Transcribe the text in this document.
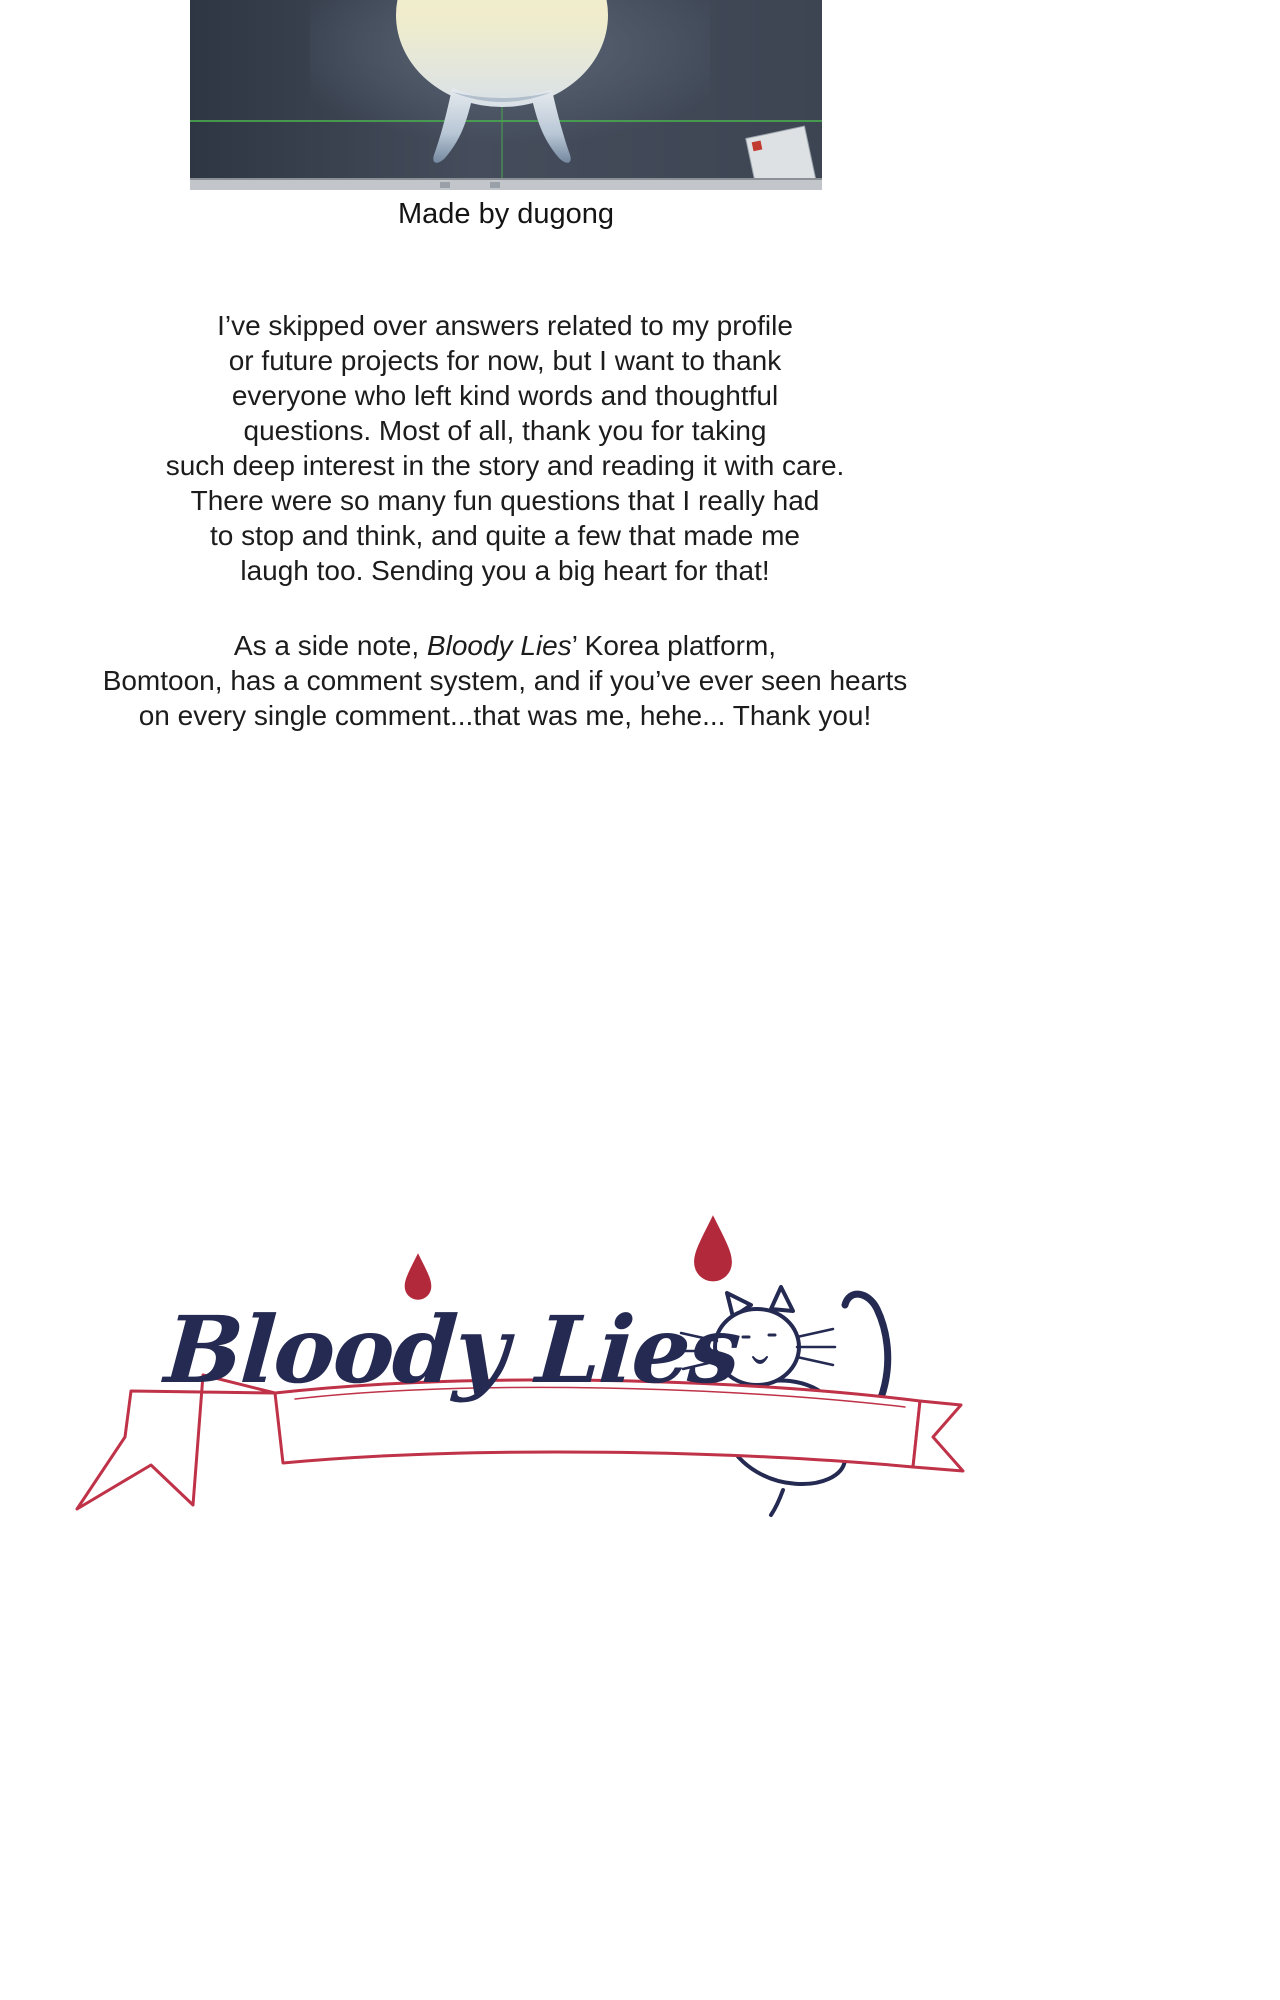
Made by dugong
I’ve skipped over answers related to my profile
or future projects for now, but I want to thank
everyone who left kind words and thoughtful
questions. Most of all, thank you for taking
such deep interest in the story and reading it with care.
There were so many fun questions that I really had
to stop and think, and quite a few that made me
laugh too. Sending you a big heart for that!
As a side note, Bloody Lies’ Korea platform,
Bomtoon, has a comment system, and if you’ve ever seen hearts
on every single comment...that was me, hehe... Thank you!
Bloody Lies
